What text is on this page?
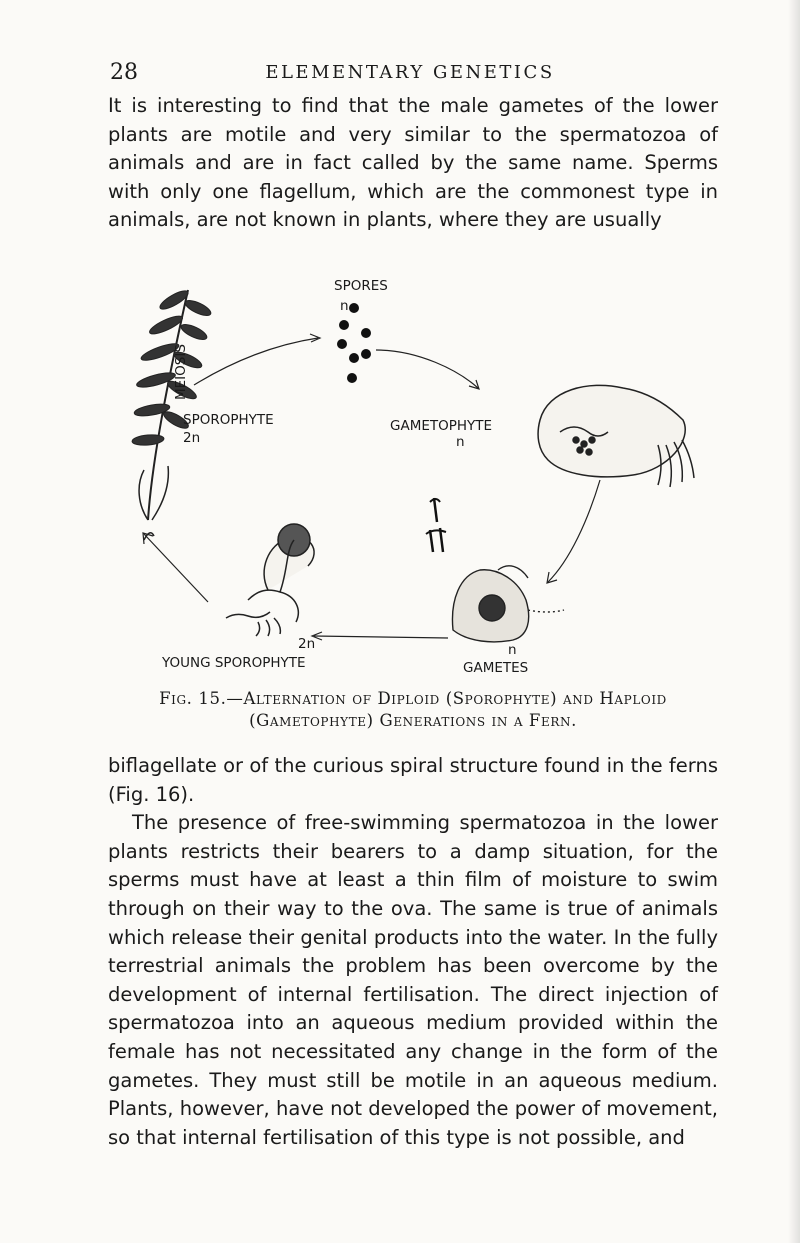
28	ELEMENTARY GENETICS

It is interesting to find that the male gametes of the lower plants are motile and very similar to the spermatozoa of animals and are in fact called by the same name. Sperms with only one flagellum, which are the commonest type in animals, are not known in plants, where they are usually

MEIOSIS
SPOROPHYTE
2n
SPORES
n
GAMETOPHYTE
n
n
GAMETES
2n
YOUNG SPOROPHYTE

Fig. 15.—Alternation of Diploid (Sporophyte) and Haploid
(Gametophyte) Generations in a Fern.

biflagellate or of the curious spiral structure found in the ferns (Fig. 16).

The presence of free-swimming spermatozoa in the lower plants restricts their bearers to a damp situation, for the sperms must have at least a thin film of moisture to swim through on their way to the ova. The same is true of animals which release their genital products into the water. In the fully terrestrial animals the problem has been overcome by the development of internal fertilisation. The direct injection of spermatozoa into an aqueous medium provided within the female has not necessitated any change in the form of the gametes. They must still be motile in an aqueous medium. Plants, however, have not developed the power of movement, so that internal fertilisation of this type is not possible, and
